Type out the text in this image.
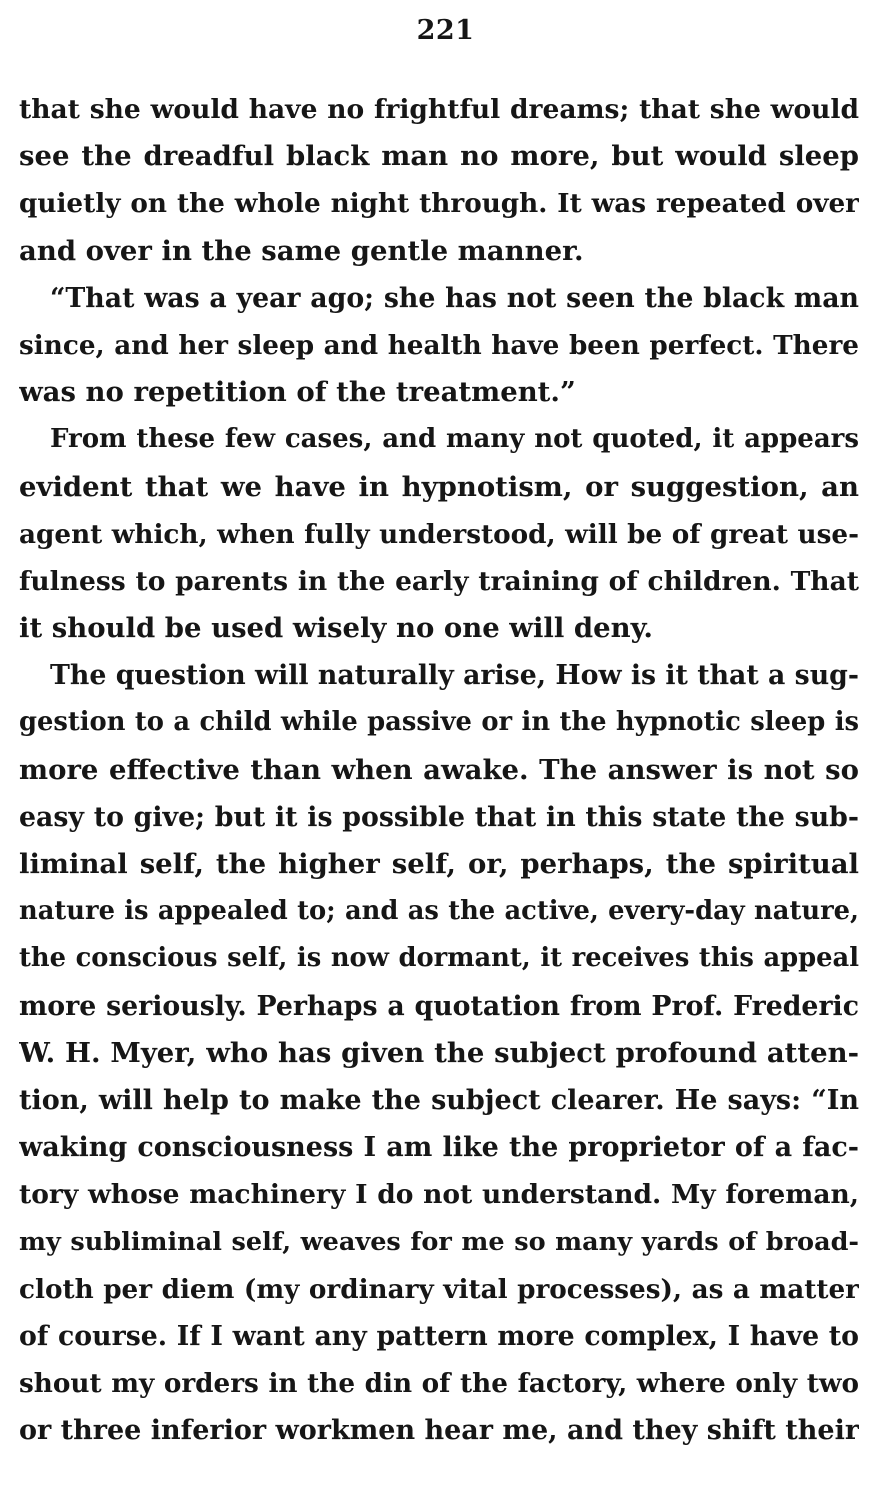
221
that she would have no frightful dreams; that she would
see the dreadful black man no more, but would sleep
quietly on the whole night through. It was repeated over
and over in the same gentle manner.
“That was a year ago; she has not seen the black man
since, and her sleep and health have been perfect. There
was no repetition of the treatment.”
From these few cases, and many not quoted, it appears
evident that we have in hypnotism, or suggestion, an
agent which, when fully understood, will be of great use-
fulness to parents in the early training of children. That
it should be used wisely no one will deny.
The question will naturally arise, How is it that a sug-
gestion to a child while passive or in the hypnotic sleep is
more effective than when awake. The answer is not so
easy to give; but it is possible that in this state the sub-
liminal self, the higher self, or, perhaps, the spiritual
nature is appealed to; and as the active, every-day nature,
the conscious self, is now dormant, it receives this appeal
more seriously. Perhaps a quotation from Prof. Frederic
W. H. Myer, who has given the subject profound atten-
tion, will help to make the subject clearer. He says: “In
waking consciousness I am like the proprietor of a fac-
tory whose machinery I do not understand. My foreman,
my subliminal self, weaves for me so many yards of broad-
cloth per diem (my ordinary vital processes), as a matter
of course. If I want any pattern more complex, I have to
shout my orders in the din of the factory, where only two
or three inferior workmen hear me, and they shift their
